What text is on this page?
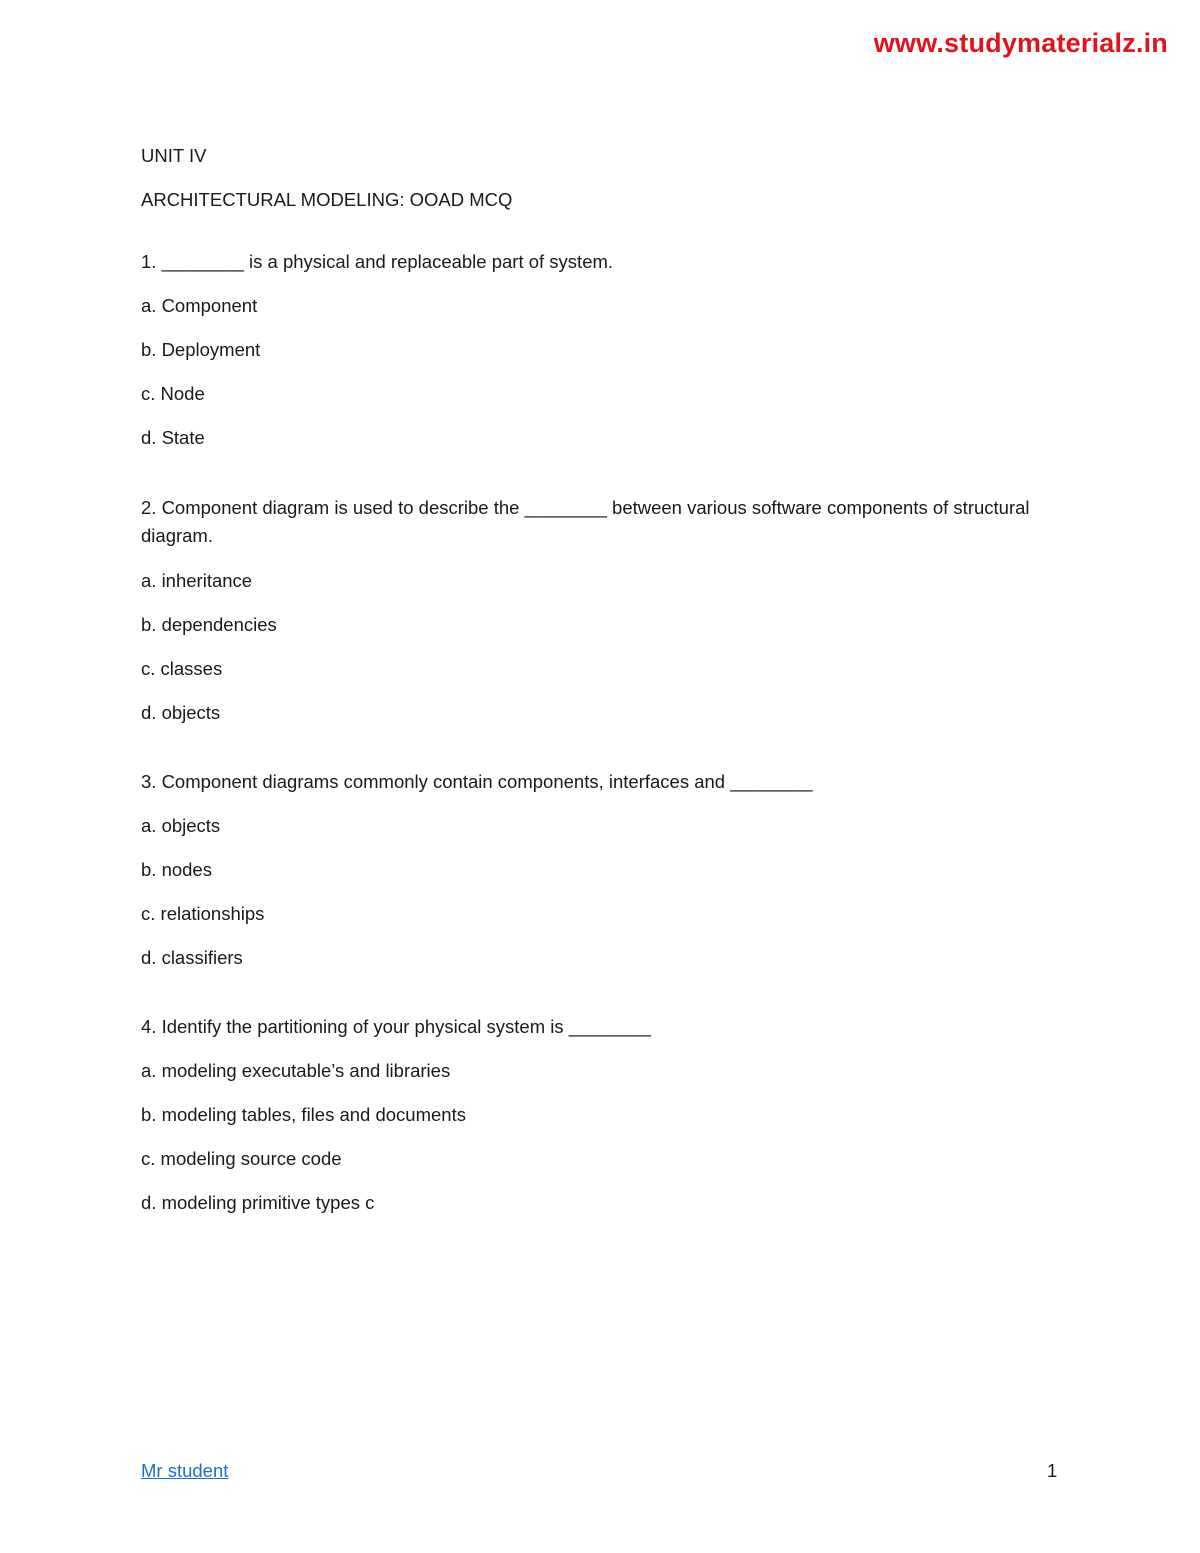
www.studymaterialz.in
UNIT IV
ARCHITECTURAL MODELING: OOAD MCQ
1. ________ is a physical and replaceable part of system.
a. Component
b. Deployment
c. Node
d. State
2. Component diagram is used to describe the ________ between various software components of structural diagram.
a. inheritance
b. dependencies
c. classes
d. objects
3. Component diagrams commonly contain components, interfaces and ________
a. objects
b. nodes
c. relationships
d. classifiers
4. Identify the partitioning of your physical system is ________
a. modeling executable’s and libraries
b. modeling tables, files and documents
c. modeling source code
d. modeling primitive types c
Mr student	1
